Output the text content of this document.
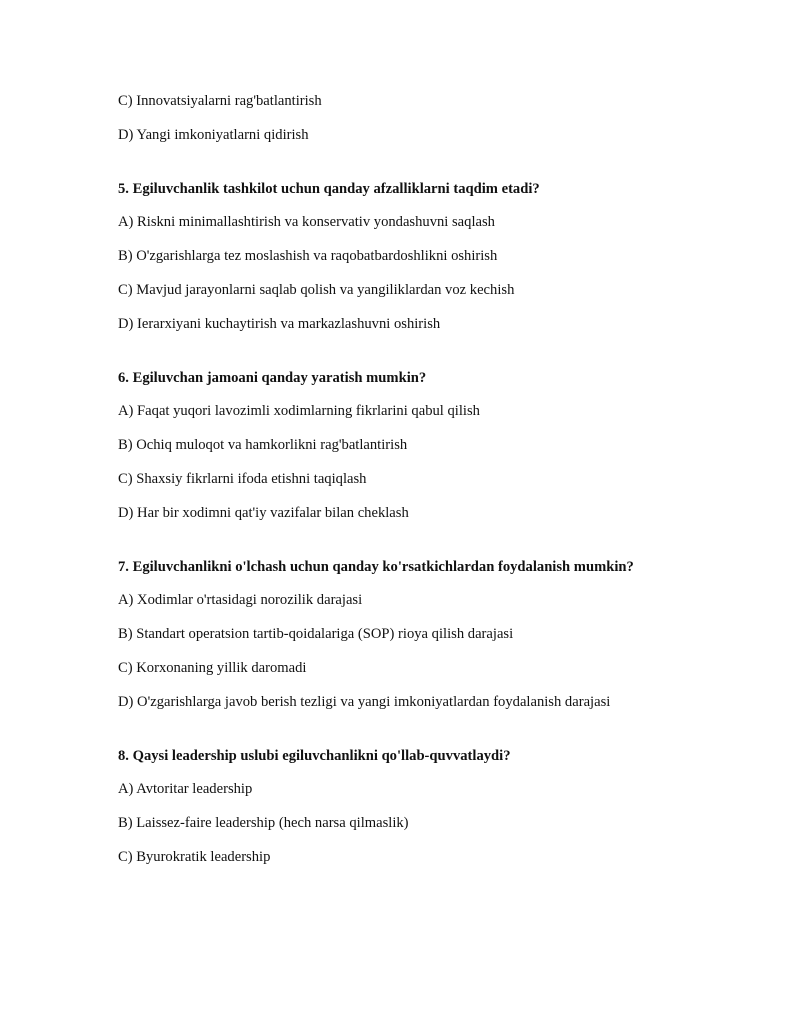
C) Innovatsiyalarni rag'batlantirish

D) Yangi imkoniyatlarni qidirish

5. Egiluvchanlik tashkilot uchun qanday afzalliklarni taqdim etadi?

A) Riskni minimallashtirish va konservativ yondashuvni saqlash

B) O'zgarishlarga tez moslashish va raqobatbardoshlikni oshirish

C) Mavjud jarayonlarni saqlab qolish va yangiliklardan voz kechish

D) Ierarxiyani kuchaytirish va markazlashuvni oshirish

6. Egiluvchan jamoani qanday yaratish mumkin?

A) Faqat yuqori lavozimli xodimlarning fikrlarini qabul qilish

B) Ochiq muloqot va hamkorlikni rag'batlantirish

C) Shaxsiy fikrlarni ifoda etishni taqiqlash

D) Har bir xodimni qat'iy vazifalar bilan cheklash

7. Egiluvchanlikni o'lchash uchun qanday ko'rsatkichlardan foydalanish mumkin?

A) Xodimlar o'rtasidagi norozilik darajasi

B) Standart operatsion tartib-qoidalariga (SOP) rioya qilish darajasi

C) Korxonaning yillik daromadi

D) O'zgarishlarga javob berish tezligi va yangi imkoniyatlardan foydalanish darajasi

8. Qaysi leadership uslubi egiluvchanlikni qo'llab-quvvatlaydi?

A) Avtoritar leadership

B) Laissez-faire leadership (hech narsa qilmaslik)

C) Byurokratik leadership
